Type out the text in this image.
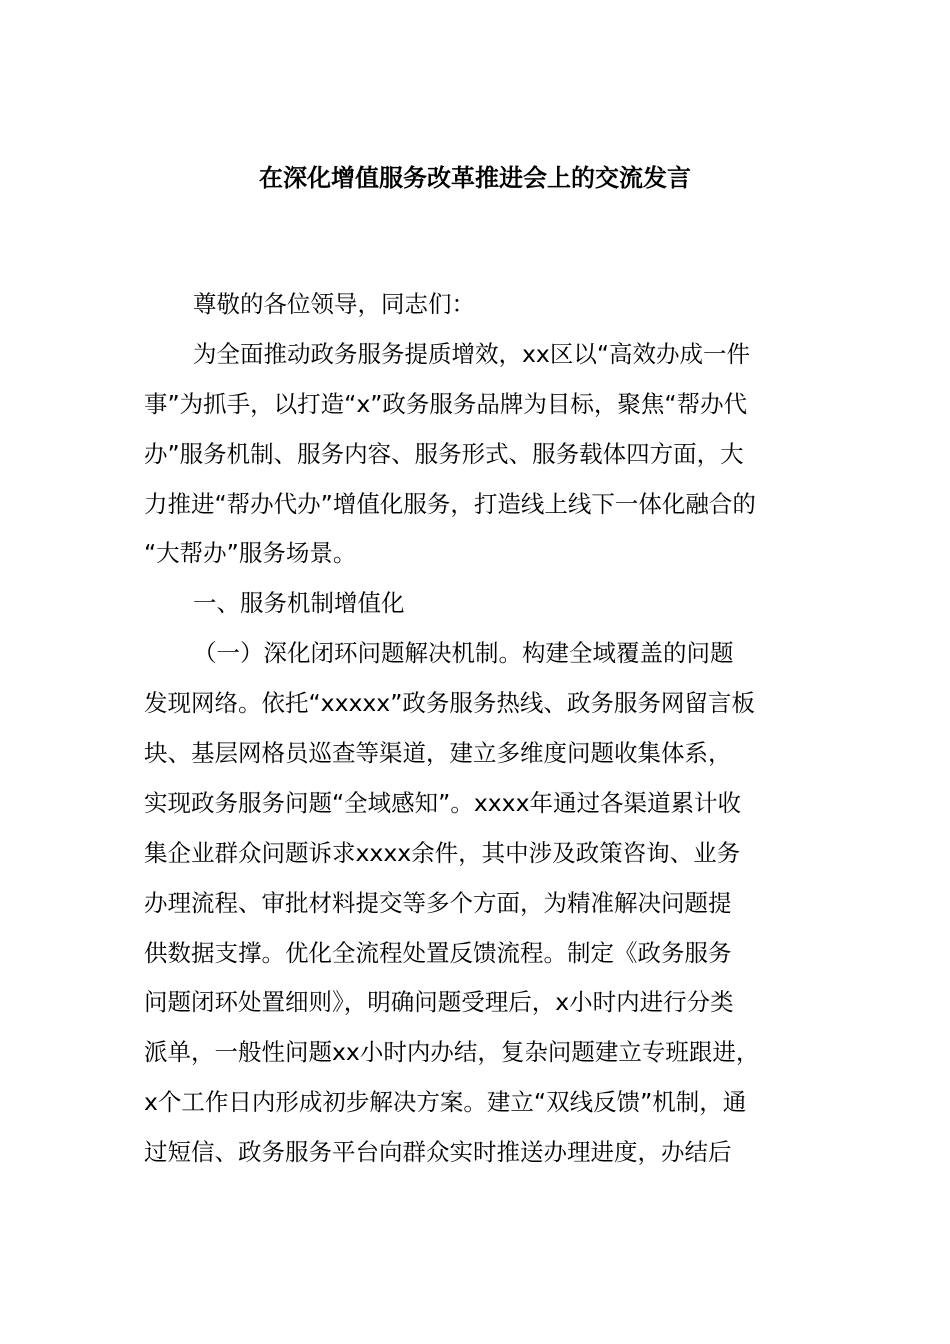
在深化增值服务改革推进会上的交流发言
尊敬的各位领导，同志们：
为全面推动政务服务提质增效，xx区以“高效办成一件
事”为抓手，以打造“x”政务服务品牌为目标，聚焦“帮办代
办”服务机制、服务内容、服务形式、服务载体四方面，大
力推进“帮办代办”增值化服务，打造线上线下一体化融合的
“大帮办”服务场景。
一、服务机制增值化
（一）深化闭环问题解决机制。构建全域覆盖的问题
发现网络。依托“xxxxx”政务服务热线、政务服务网留言板
块、基层网格员巡查等渠道，建立多维度问题收集体系，
实现政务服务问题“全域感知”。xxxx年通过各渠道累计收
集企业群众问题诉求xxxx余件，其中涉及政策咨询、业务
办理流程、审批材料提交等多个方面，为精准解决问题提
供数据支撑。优化全流程处置反馈流程。制定《政务服务
问题闭环处置细则》，明确问题受理后，x小时内进行分类
派单，一般性问题xx小时内办结，复杂问题建立专班跟进，
x个工作日内形成初步解决方案。建立“双线反馈”机制，通
过短信、政务服务平台向群众实时推送办理进度，办结后
